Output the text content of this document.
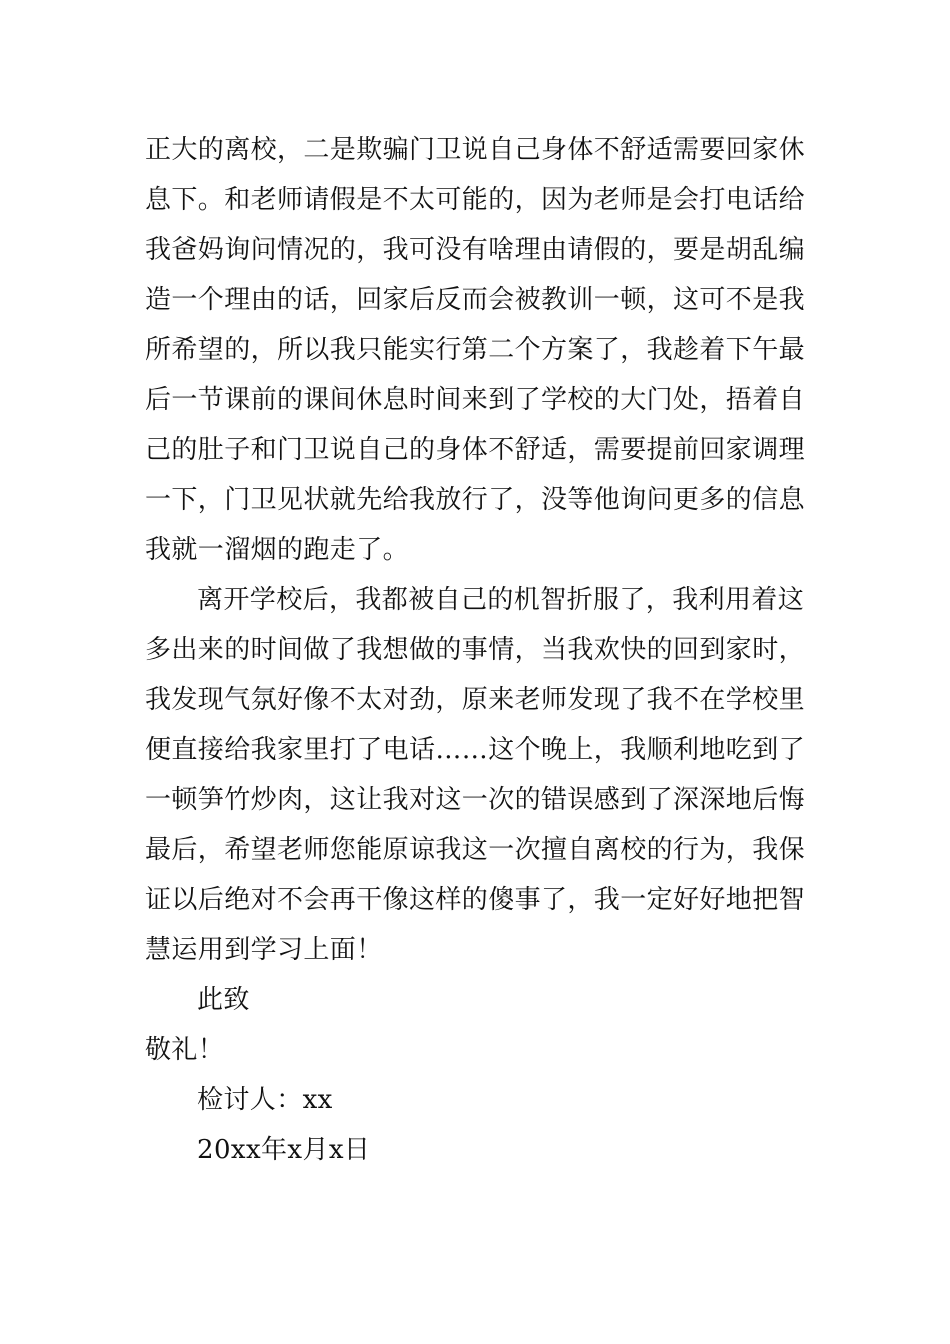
正大的离校，二是欺骗门卫说自己身体不舒适需要回家休
息下。和老师请假是不太可能的，因为老师是会打电话给
我爸妈询问情况的，我可没有啥理由请假的，要是胡乱编
造一个理由的话，回家后反而会被教训一顿，这可不是我
所希望的，所以我只能实行第二个方案了，我趁着下午最
后一节课前的课间休息时间来到了学校的大门处，捂着自
己的肚子和门卫说自己的身体不舒适，需要提前回家调理
一下，门卫见状就先给我放行了，没等他询问更多的信息
我就一溜烟的跑走了。
离开学校后，我都被自己的机智折服了，我利用着这
多出来的时间做了我想做的事情，当我欢快的回到家时，
我发现气氛好像不太对劲，原来老师发现了我不在学校里
便直接给我家里打了电话……这个晚上，我顺利地吃到了
一顿笋竹炒肉，这让我对这一次的错误感到了深深地后悔
最后，希望老师您能原谅我这一次擅自离校的行为，我保
证以后绝对不会再干像这样的傻事了，我一定好好地把智
慧运用到学习上面！
此致
敬礼！
检讨人：xx
20xx年x月x日
